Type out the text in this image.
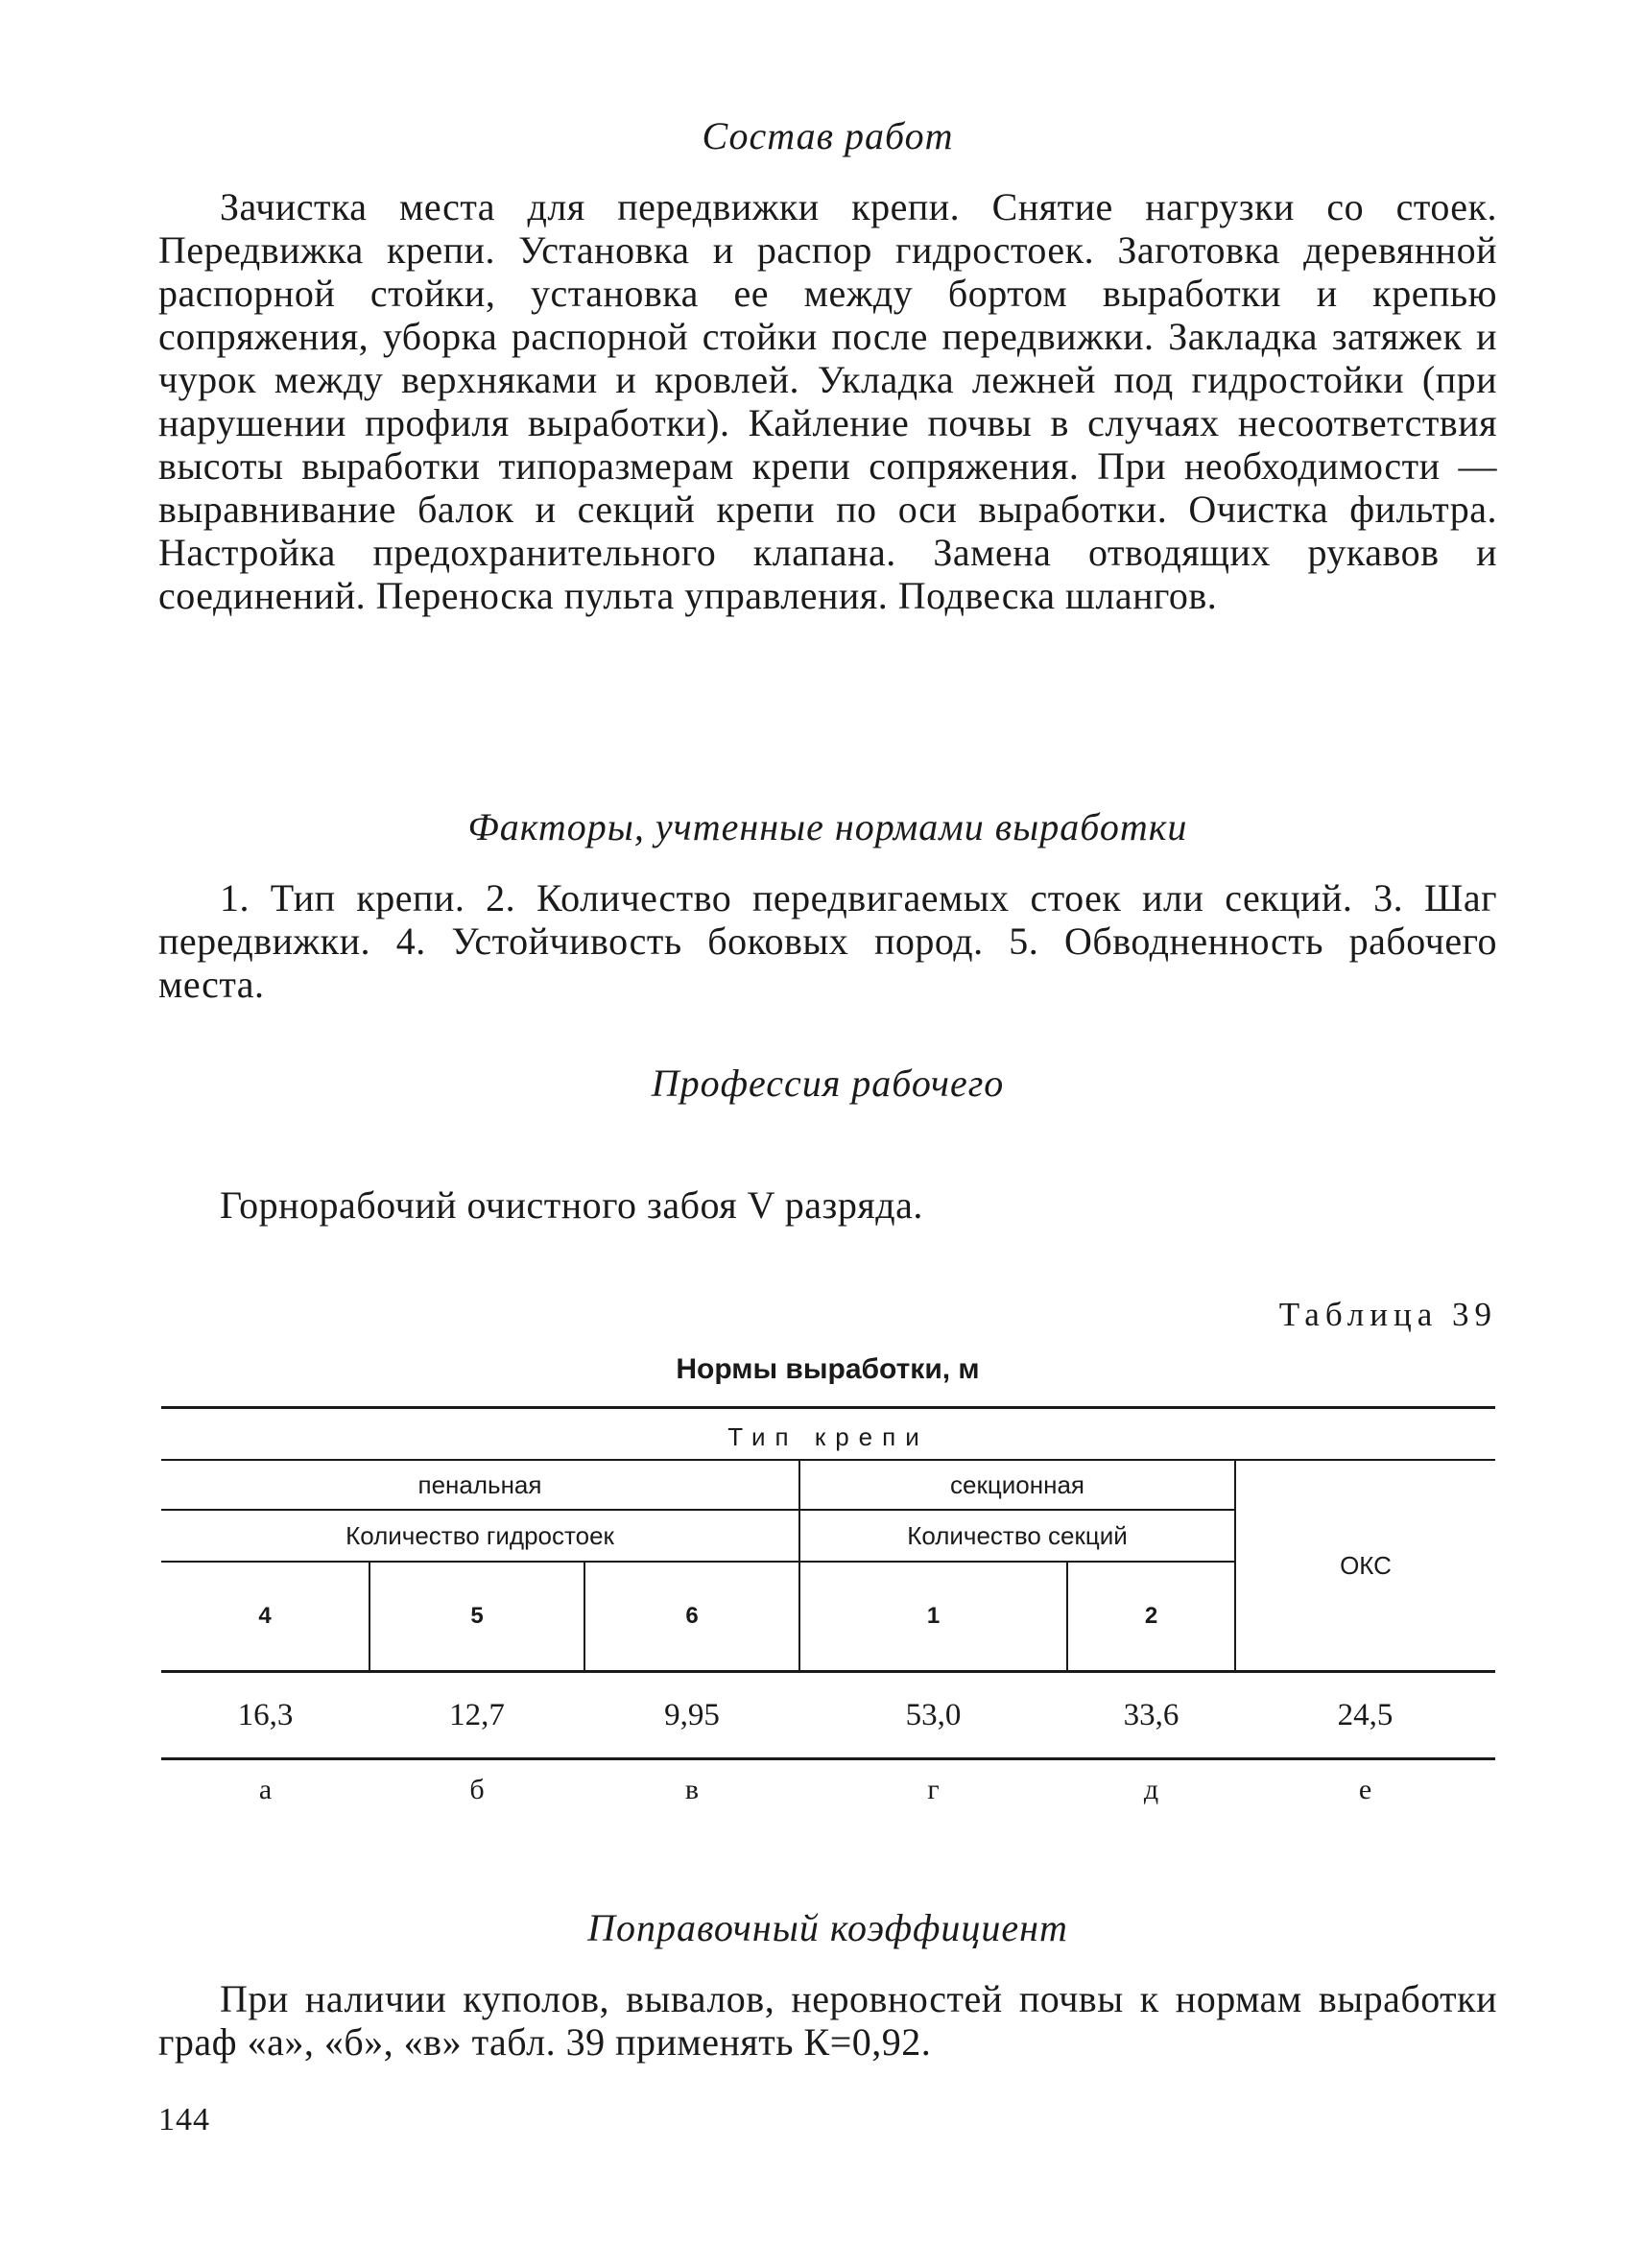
Состав работ

Зачистка места для передвижки крепи. Снятие нагрузки со стоек. Передвижка крепи. Установка и распор гидростоек. Заготовка деревянной распорной стойки, установка ее между бортом выработки и крепью сопряжения, уборка распорной стойки после передвижки. Закладка затяжек и чурок между верхняками и кровлей. Укладка лежней под гидростойки (при нарушении профиля выработки). Кайление почвы в случаях несоответствия высоты выработки типоразмерам крепи сопряжения. При необходимости — выравнивание балок и секций крепи по оси выработки. Очистка фильтра. Настройка предохранительного клапана. Замена отводящих рукавов и соединений. Переноска пульта управления. Подвеска шлангов.

Факторы, учтенные нормами выработки

1. Тип крепи. 2. Количество передвигаемых стоек или секций. 3. Шаг передвижки. 4. Устойчивость боковых пород. 5. Обводненность рабочего места.

Профессия рабочего

Горнорабочий очистного забоя V разряда.

Таблица 39
Нормы выработки, м

Тип крепи					
пенальная			секционная		ОКС
Количество гидростоек			Количество секций		
4	5	6	1	2	
16,3	12,7	9,95	53,0	33,6	24,5
а	б	в	г	д	е
Поправочный коэффициент

При наличии куполов, вывалов, неровностей почвы к нормам выработки граф «а», «б», «в» табл. 39 применять К=0,92.

144
